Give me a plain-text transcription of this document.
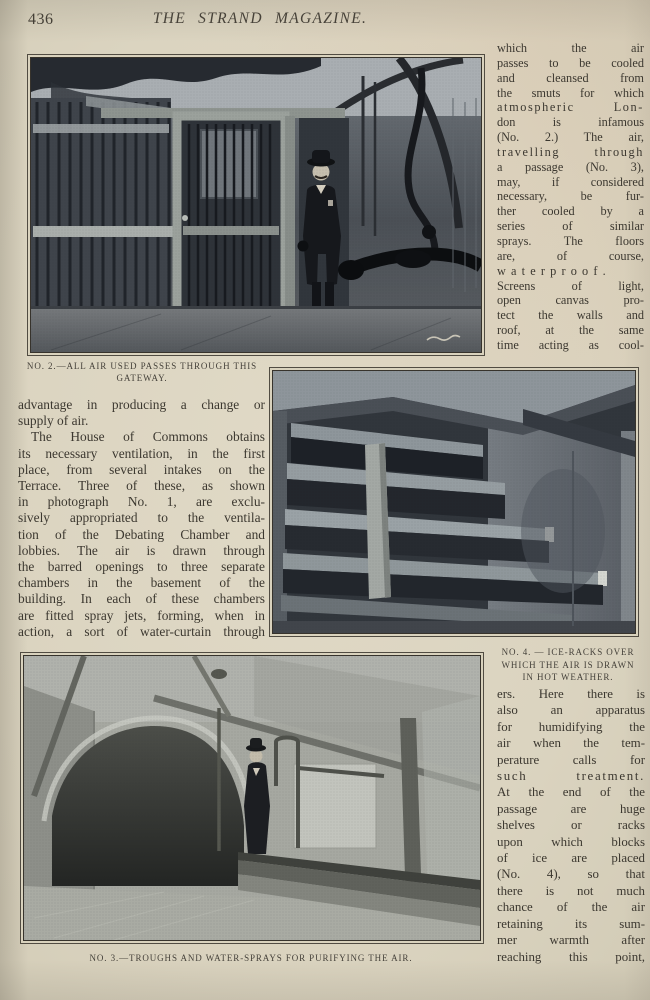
436	THE STRAND MAGAZINE.
NO. 2.—ALL AIR USED PASSES THROUGH THIS
GATEWAY.
NO. 4. — ICE-RACKS OVER
WHICH THE AIR IS DRAWN
IN HOT WEATHER.
NO. 3.—TROUGHS AND WATER-SPRAYS FOR PURIFYING THE AIR.
which the air
passes to be cooled
and cleansed from
the smuts for which
atmospheric Lon-
don is infamous
(No. 2.) The air,
travelling through
a passage (No. 3),
may, if considered
necessary, be fur-
ther cooled by a
series of similar
sprays. The floors
are, of course,
waterproof.
Screens of light,
open canvas pro-
tect the walls and
roof, at the same
time acting as cool-
advantage in producing a change or
supply of air.
The House of Commons obtains
its necessary ventilation, in the first
place, from several intakes on the
Terrace. Three of these, as shown
in photograph No. 1, are exclu-
sively appropriated to the ventila-
tion of the Debating Chamber and
lobbies. The air is drawn through
the barred openings to three separate
chambers in the basement of the
building. In each of these chambers
are fitted spray jets, forming, when in
action, a sort of water-curtain through
ers. Here there is
also an apparatus
for humidifying the
air when the tem-
perature calls for
such treatment.
At the end of the
passage are huge
shelves or racks
upon which blocks
of ice are placed
(No. 4), so that
there is not much
chance of the air
retaining its sum-
mer warmth after
reaching this point,
